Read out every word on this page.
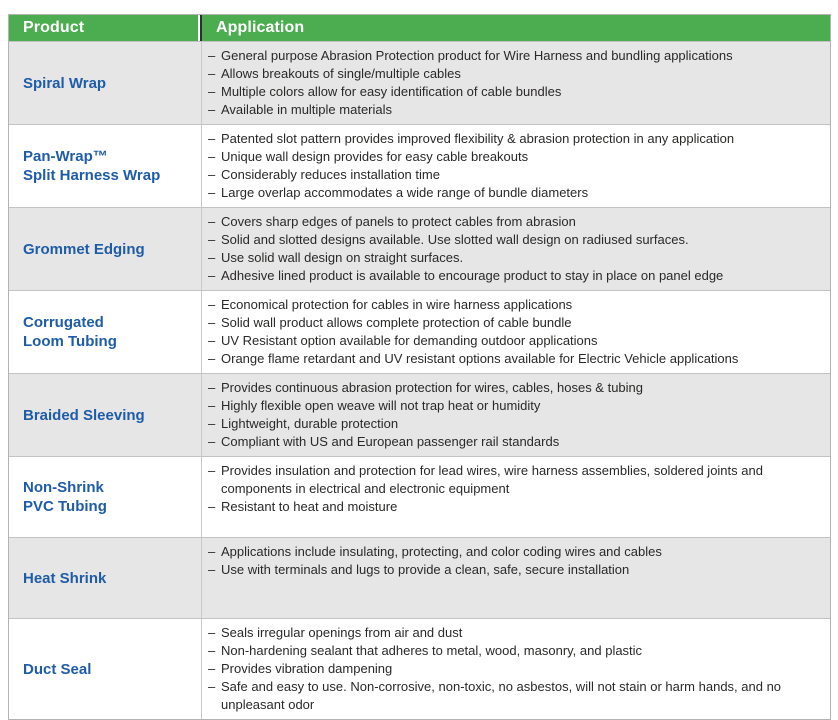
Product	Application
Spiral Wrap
– General purpose Abrasion Protection product for Wire Harness and bundling applications
– Allows breakouts of single/multiple cables
– Multiple colors allow for easy identification of cable bundles
– Available in multiple materials
Pan-Wrap™
Split Harness Wrap
– Patented slot pattern provides improved flexibility & abrasion protection in any application
– Unique wall design provides for easy cable breakouts
– Considerably reduces installation time
– Large overlap accommodates a wide range of bundle diameters
Grommet Edging
– Covers sharp edges of panels to protect cables from abrasion
– Solid and slotted designs available. Use slotted wall design on radiused surfaces.
– Use solid wall design on straight surfaces.
– Adhesive lined product is available to encourage product to stay in place on panel edge
Corrugated
Loom Tubing
– Economical protection for cables in wire harness applications
– Solid wall product allows complete protection of cable bundle
– UV Resistant option available for demanding outdoor applications
– Orange flame retardant and UV resistant options available for Electric Vehicle applications
Braided Sleeving
– Provides continuous abrasion protection for wires, cables, hoses & tubing
– Highly flexible open weave will not trap heat or humidity
– Lightweight, durable protection
– Compliant with US and European passenger rail standards
Non-Shrink
PVC Tubing
– Provides insulation and protection for lead wires, wire harness assemblies, soldered joints and components in electrical and electronic equipment
– Resistant to heat and moisture
Heat Shrink
– Applications include insulating, protecting, and color coding wires and cables
– Use with terminals and lugs to provide a clean, safe, secure installation
Duct Seal
– Seals irregular openings from air and dust
– Non-hardening sealant that adheres to metal, wood, masonry, and plastic
– Provides vibration dampening
– Safe and easy to use. Non-corrosive, non-toxic, no asbestos, will not stain or harm hands, and no unpleasant odor
